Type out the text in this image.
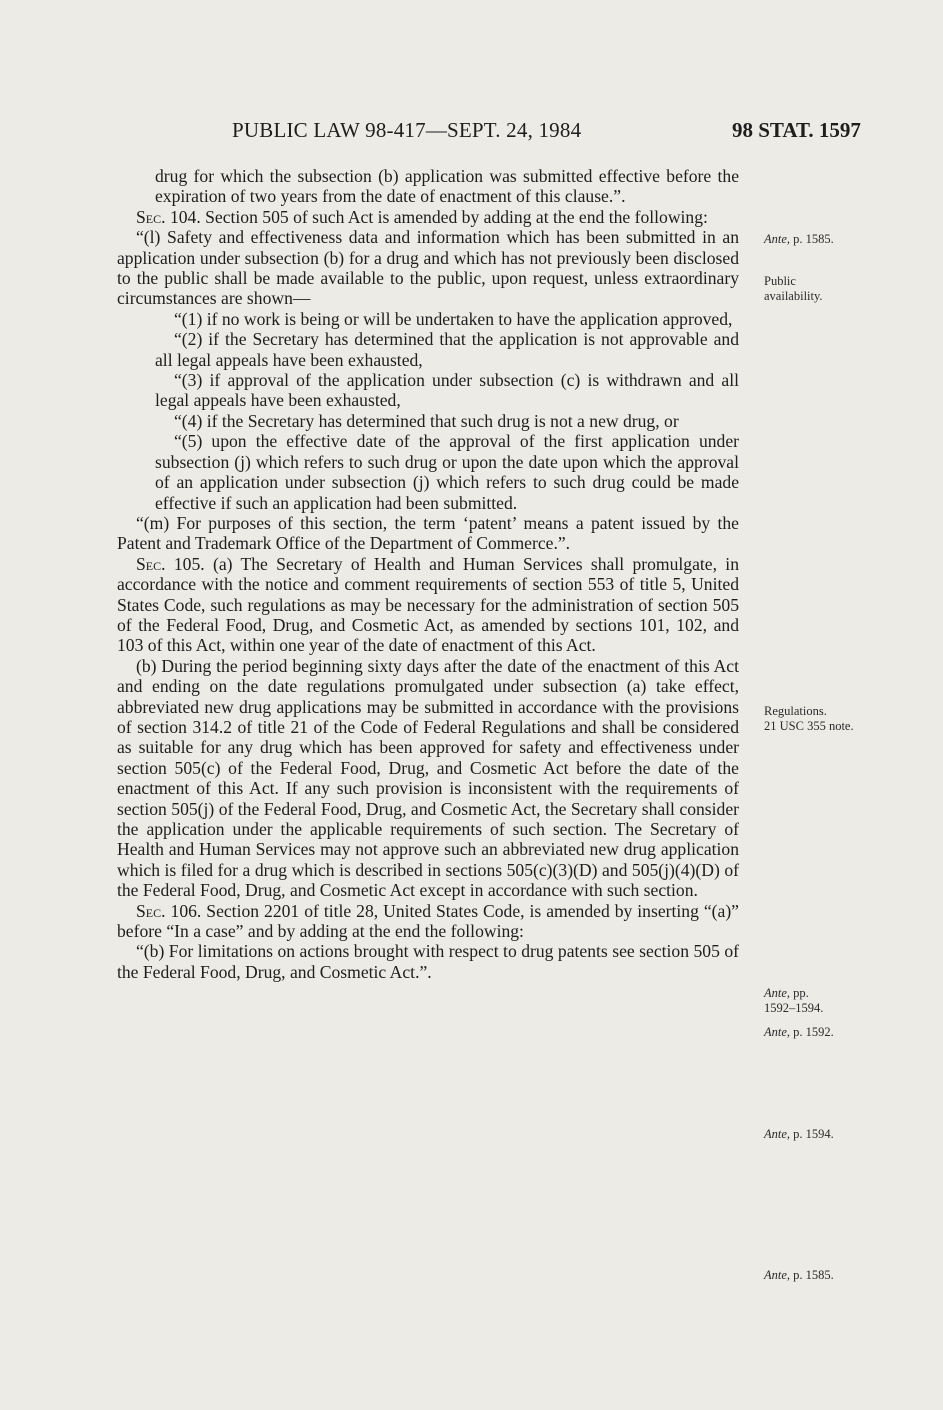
PUBLIC LAW 98-417—SEPT. 24, 1984	98 STAT. 1597

drug for which the subsection (b) application was submitted effective before the expiration of two years from the date of enactment of this clause.”.

Sec. 104. Section 505 of such Act is amended by adding at the end the following:

“(l) Safety and effectiveness data and information which has been submitted in an application under subsection (b) for a drug and which has not previously been disclosed to the public shall be made available to the public, upon request, unless extraordinary circumstances are shown—

“(1) if no work is being or will be undertaken to have the application approved,

“(2) if the Secretary has determined that the application is not approvable and all legal appeals have been exhausted,

“(3) if approval of the application under subsection (c) is withdrawn and all legal appeals have been exhausted,

“(4) if the Secretary has determined that such drug is not a new drug, or

“(5) upon the effective date of the approval of the first application under subsection (j) which refers to such drug or upon the date upon which the approval of an application under subsection (j) which refers to such drug could be made effective if such an application had been submitted.

“(m) For purposes of this section, the term ‘patent’ means a patent issued by the Patent and Trademark Office of the Department of Commerce.”.

Sec. 105. (a) The Secretary of Health and Human Services shall promulgate, in accordance with the notice and comment requirements of section 553 of title 5, United States Code, such regulations as may be necessary for the administration of section 505 of the Federal Food, Drug, and Cosmetic Act, as amended by sections 101, 102, and 103 of this Act, within one year of the date of enactment of this Act.

(b) During the period beginning sixty days after the date of the enactment of this Act and ending on the date regulations promulgated under subsection (a) take effect, abbreviated new drug applications may be submitted in accordance with the provisions of section 314.2 of title 21 of the Code of Federal Regulations and shall be considered as suitable for any drug which has been approved for safety and effectiveness under section 505(c) of the Federal Food, Drug, and Cosmetic Act before the date of the enactment of this Act. If any such provision is inconsistent with the requirements of section 505(j) of the Federal Food, Drug, and Cosmetic Act, the Secretary shall consider the application under the applicable requirements of such section. The Secretary of Health and Human Services may not approve such an abbreviated new drug application which is filed for a drug which is described in sections 505(c)(3)(D) and 505(j)(4)(D) of the Federal Food, Drug, and Cosmetic Act except in accordance with such section.

Sec. 106. Section 2201 of title 28, United States Code, is amended by inserting “(a)” before “In a case” and by adding at the end the following:

“(b) For limitations on actions brought with respect to drug patents see section 505 of the Federal Food, Drug, and Cosmetic Act.”.

Ante, p. 1585.
Public
availability.
Regulations.
21 USC 355 note.
Ante, pp.
1592–1594.
Ante, p. 1592.
Ante, p. 1594.
Ante, p. 1585.
